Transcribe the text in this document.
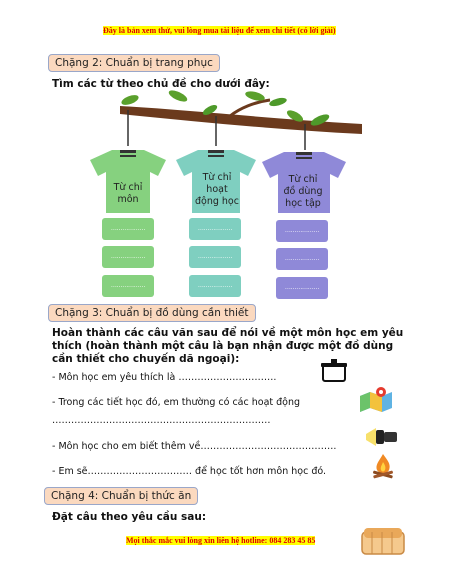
Đây là bản xem thử, vui lòng mua tài liệu để xem chi tiết (có lời giải)
Chặng 2: Chuẩn bị trang phục
Tìm các từ theo chủ đề cho dưới đây:
Từ chỉ
môn
Từ chỉ
hoạt
động học
Từ chỉ
đồ dùng
học tập
………………
………………
………………
………………
………………
………………
………………
………………
………………
Chặng 3: Chuẩn bị đồ dùng cần thiết
Hoàn thành các câu văn sau để nói về một môn học em yêu thích (hoàn thành một câu là bạn nhận được một đồ dùng cần thiết cho chuyến dã ngoại):
- Môn học em yêu thích là ………………………….
- Trong các tiết học đó, em thường có các hoạt động
……………………………………………………………
- Môn học cho em biết thêm về…………………………………….
- Em sẽ…………………………… để học tốt hơn môn học đó.
Chặng 4: Chuẩn bị thức ăn
Đặt câu theo yêu cầu sau:
Mọi thắc mắc vui lòng xin liên hệ hotline: 084 283 45 85
